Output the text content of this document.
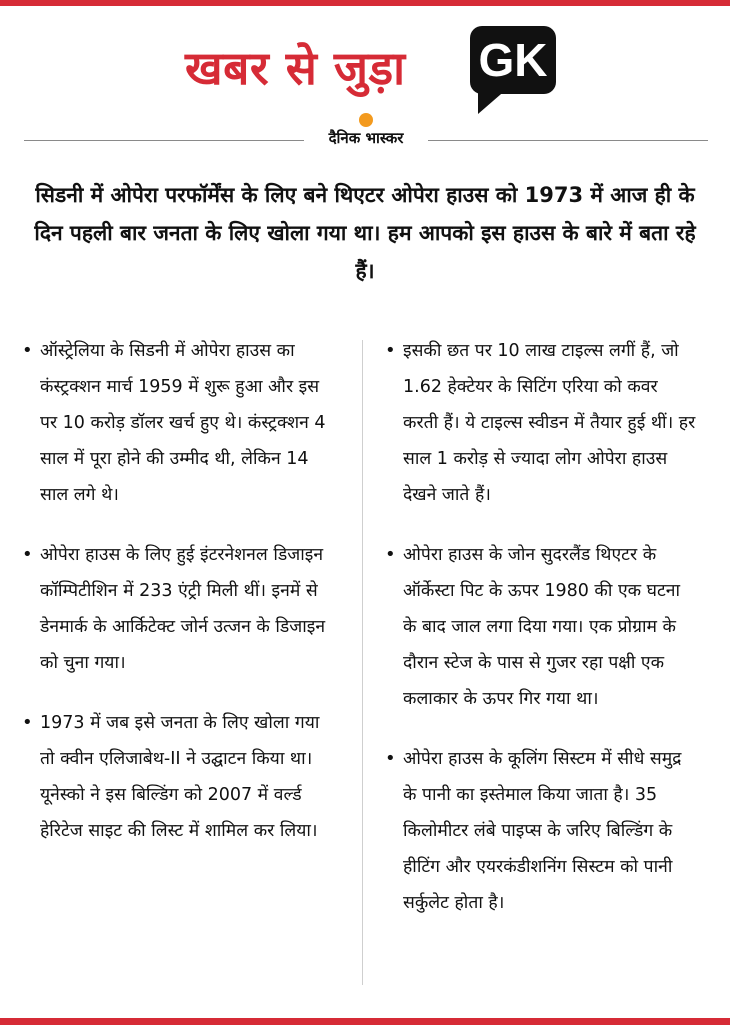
खबर से जुड़ा GK
दैनिक भास्कर
सिडनी में ओपेरा परफॉर्मेंस के लिए बने थिएटर ओपेरा हाउस को 1973 में आज ही के दिन पहली बार जनता के लिए खोला गया था। हम आपको इस हाउस के बारे में बता रहे हैं।
• ऑस्ट्रेलिया के सिडनी में ओपेरा हाउस का कंस्ट्रक्शन मार्च 1959 में शुरू हुआ और इस पर 10 करोड़ डॉलर खर्च हुए थे। कंस्ट्रक्शन 4 साल में पूरा होने की उम्मीद थी, लेकिन 14 साल लगे थे।
• ओपेरा हाउस के लिए हुई इंटरनेशनल डिजाइन कॉम्पिटीशिन में 233 एंट्री मिली थीं। इनमें से डेनमार्क के आर्किटेक्ट जोर्न उत्जन के डिजाइन को चुना गया।
• 1973 में जब इसे जनता के लिए खोला गया तो क्वीन एलिजाबेथ-II ने उद्घाटन किया था। यूनेस्को ने इस बिल्डिंग को 2007 में वर्ल्ड हेरिटेज साइट की लिस्ट में शामिल कर लिया।
• इसकी छत पर 10 लाख टाइल्स लगीं हैं, जो 1.62 हेक्टेयर के सिटिंग एरिया को कवर करती हैं। ये टाइल्स स्वीडन में तैयार हुई थीं। हर साल 1 करोड़ से ज्यादा लोग ओपेरा हाउस देखने जाते हैं।
• ओपेरा हाउस के जोन सुदरलैंड थिएटर के ऑर्केस्टा पिट के ऊपर 1980 की एक घटना के बाद जाल लगा दिया गया। एक प्रोग्राम के दौरान स्टेज के पास से गुजर रहा पक्षी एक कलाकार के ऊपर गिर गया था।
• ओपेरा हाउस के कूलिंग सिस्टम में सीधे समुद्र के पानी का इस्तेमाल किया जाता है। 35 किलोमीटर लंबे पाइप्स के जरिए बिल्डिंग के हीटिंग और एयरकंडीशनिंग सिस्टम को पानी सर्कुलेट होता है।
